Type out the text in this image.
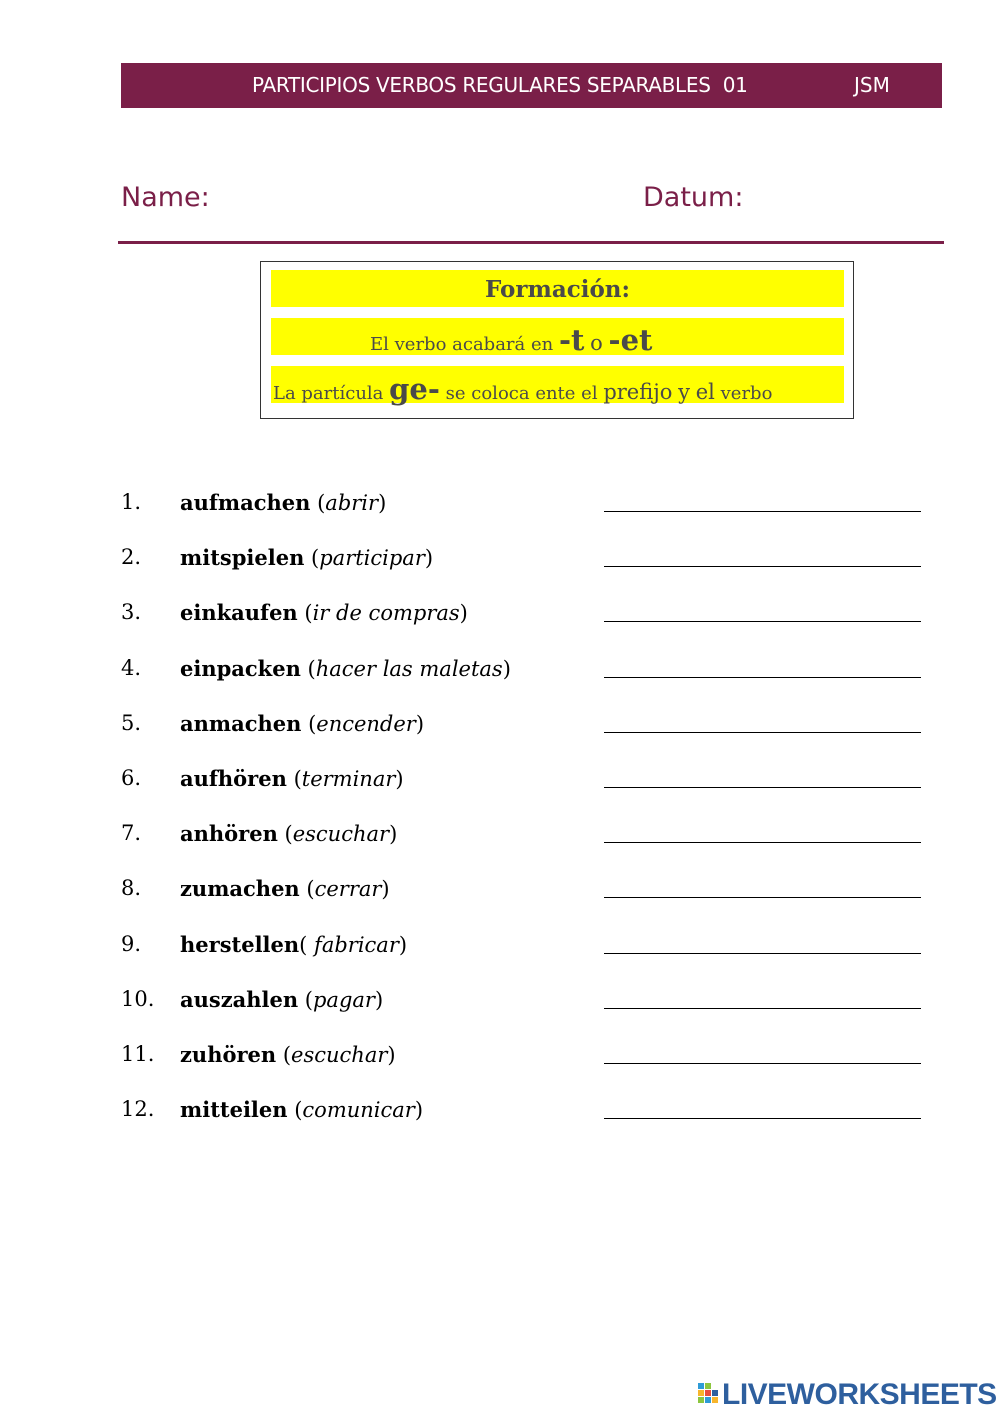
PARTICIPIOS VERBOS REGULARES SEPARABLES  01	JSM
Name:	Datum:
Formación:
El verbo acabará en -t o -et
La partícula ge- se coloca ente el prefijo y el verbo
1. aufmachen (abrir)
2. mitspielen (participar)
3. einkaufen (ir de compras)
4. einpacken (hacer las maletas)
5. anmachen (encender)
6. aufhören (terminar)
7. anhören (escuchar)
8. zumachen (cerrar)
9. herstellen( fabricar)
10. auszahlen (pagar)
11. zuhören (escuchar)
12. mitteilen (comunicar)
LIVEWORKSHEETS
